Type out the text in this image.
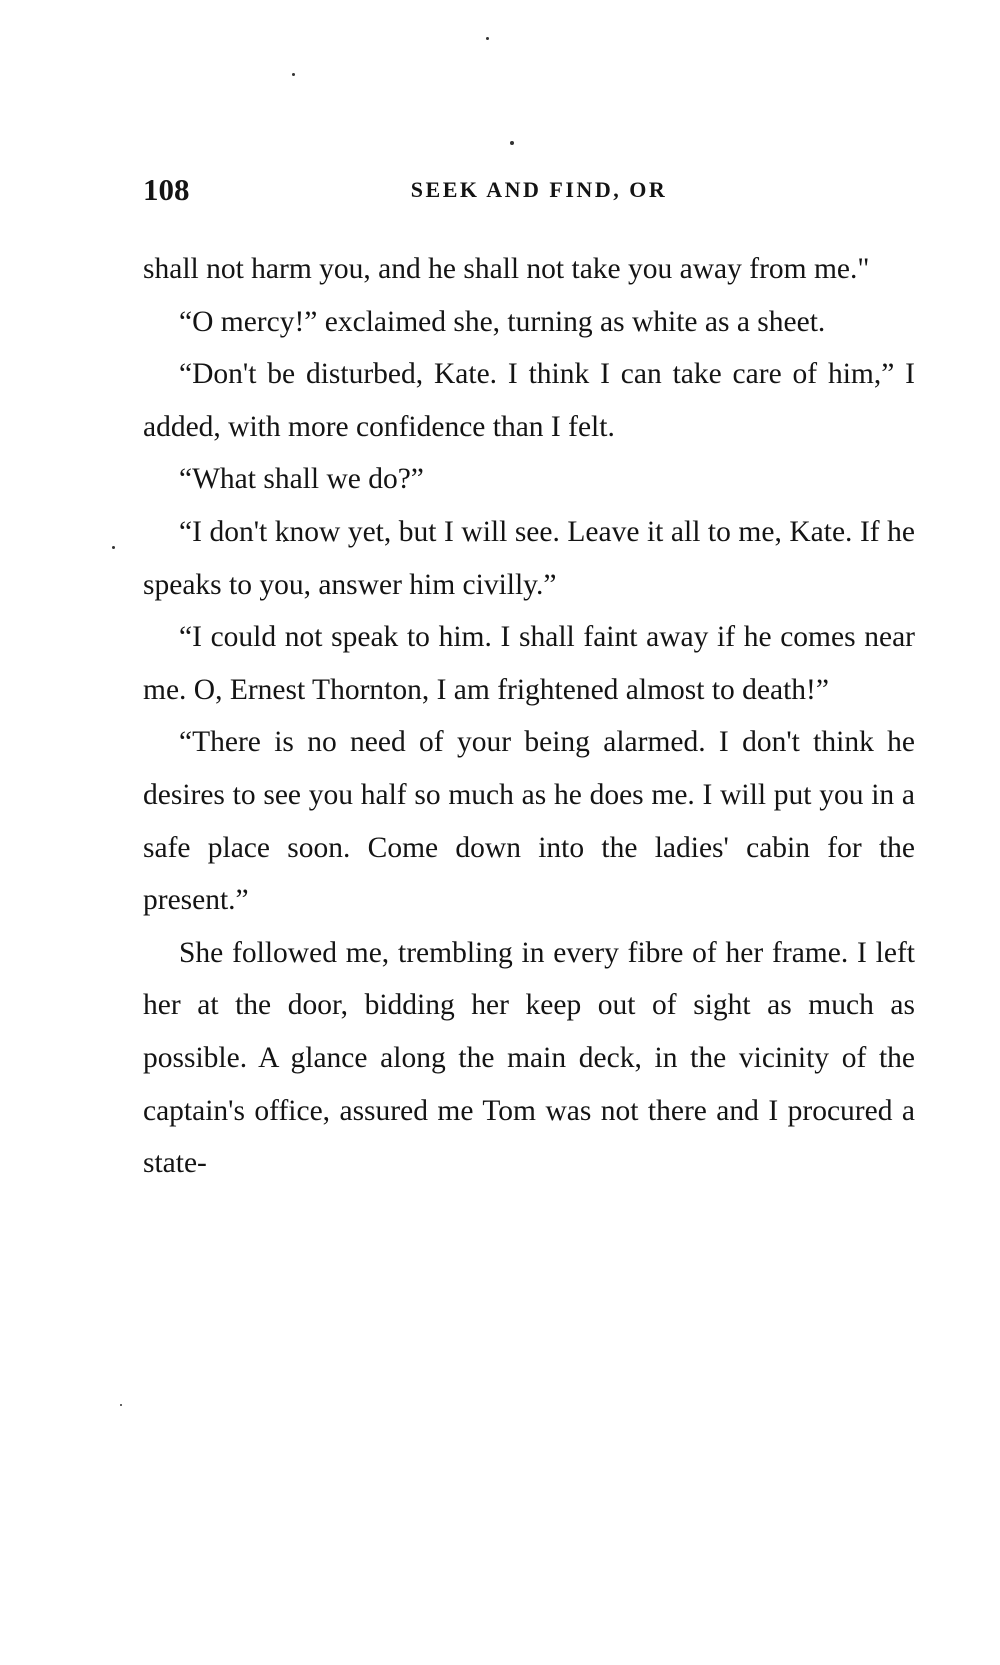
108	SEEK AND FIND, OR

shall not harm you, and he shall not take you away from me."

“O mercy!” exclaimed she, turning as white as a sheet.

“Don't be disturbed, Kate. I think I can take care of him,” I added, with more confidence than I felt.

“What shall we do?”

“I don't know yet, but I will see. Leave it all to me, Kate. If he speaks to you, answer him civilly.”

“I could not speak to him. I shall faint away if he comes near me. O, Ernest Thornton, I am frightened almost to death!”

“There is no need of your being alarmed. I don't think he desires to see you half so much as he does me. I will put you in a safe place soon. Come down into the ladies' cabin for the present.”

She followed me, trembling in every fibre of her frame. I left her at the door, bidding her keep out of sight as much as possible. A glance along the main deck, in the vicinity of the captain's office, assured me Tom was not there and I procured a state-
